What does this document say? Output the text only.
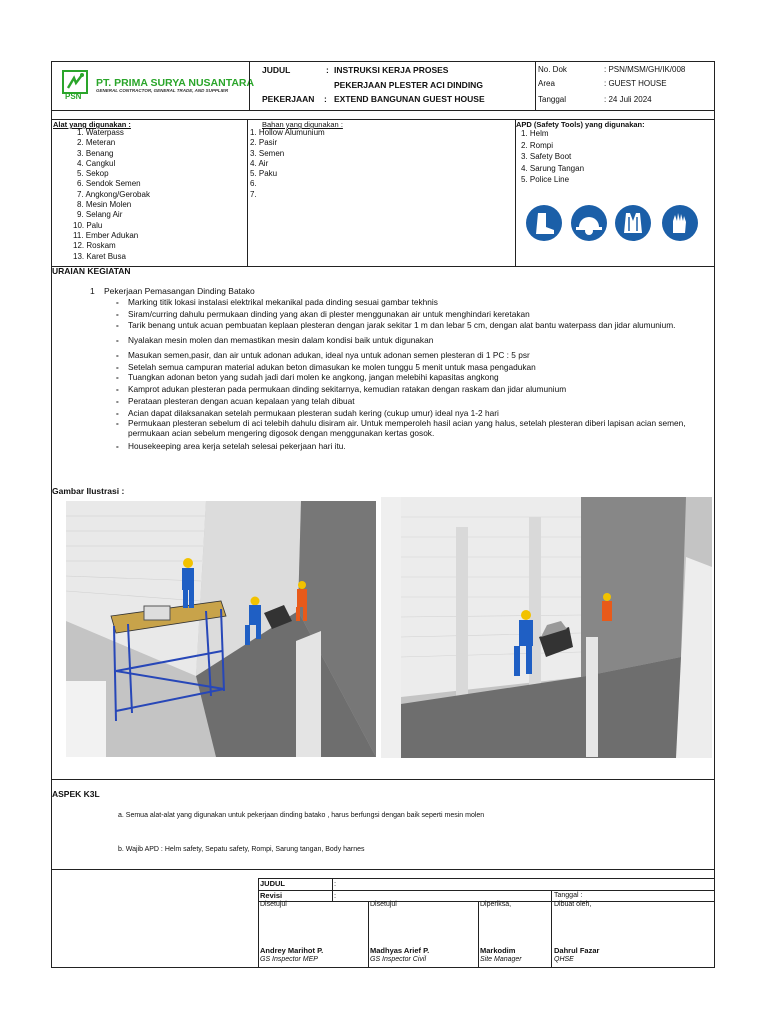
PSN
PT. PRIMA SURYA NUSANTARA
GENERAL CONTRACTOR, GENERAL TRADE, AND SUPPLIER
JUDUL	: INSTRUKSI KERJA PROSES
PEKERJAAN PLESTER ACI DINDING
PEKERJAAN : EXTEND BANGUNAN GUEST HOUSE
No. Dok	: PSN/MSM/GH/IK/008
Area	: GUEST HOUSE
Tanggal	: 24 Juli 2024
Alat yang digunakan :
1. Waterpass
2. Meteran
3. Benang
4. Cangkul
5. Sekop
6. Sendok Semen
7. Angkong/Gerobak
8. Mesin Molen
9. Selang Air
10. Palu
11. Ember Adukan
12. Roskam
13. Karet Busa
Bahan yang digunakan :
1. Hollow Alumunium
2. Pasir
3. Semen
4. Air
5. Paku
6.
7.
APD (Safety Tools) yang digunakan:
1. Helm
2. Rompi
3. Safety Boot
4. Sarung Tangan
5. Police Line
URAIAN KEGIATAN
1 Pekerjaan Pemasangan Dinding Batako
- Marking titik lokasi instalasi elektrikal mekanikal pada dinding sesuai gambar tekhnis
- Siram/curring dahulu permukaan dinding yang akan di plester menggunakan air untuk menghindari keretakan
- Tarik benang untuk acuan pembuatan keplaan plesteran dengan jarak sekitar 1 m dan lebar 5 cm, dengan alat bantu waterpass dan jidar alumunium.
- Nyalakan mesin molen dan memastikan mesin dalam kondisi baik untuk digunakan
- Masukan semen,pasir, dan air untuk adonan adukan, ideal nya untuk adonan semen plesteran di 1 PC : 5 psr
- Setelah semua campuran material adukan beton dimasukan ke molen tunggu 5 menit untuk masa pengadukan
- Tuangkan adonan beton yang sudah jadi dari molen ke angkong, jangan melebihi kapasitas angkong
- Kamprot adukan plesteran pada permukaan dinding sekitarnya, kemudian ratakan dengan raskam dan jidar alumunium
- Perataan plesteran dengan acuan kepalaan yang telah dibuat
- Acian dapat dilaksanakan setelah permukaan plesteran sudah kering (cukup umur) ideal nya 1-2 hari
- Permukaan plesteran sebelum di aci telebih dahulu disiram air. Untuk memperoleh hasil acian yang halus, setelah plesteran diberi lapisan acian semen, permukaan acian sebelum mengering digosok dengan menggunakan kertas gosok.
- Housekeeping area kerja setelah selesai pekerjaan hari itu.
Gambar Ilustrasi :
ASPEK K3L
a. Semua alat-alat yang digunakan untuk pekerjaan dinding batako , harus berfungsi dengan baik seperti mesin molen
b. Wajib APD : Helm safety, Sepatu safety, Rompi, Sarung tangan, Body harnes
JUDUL	:
Revisi	:	Tanggal :
Disetujui
Andrey Marihot P.
GS Inspector MEP
Disetujui
Madhyas Arief P.
GS Inspector Civil
Diperiksa,
Markodim
Site Manager
Dibuat oleh,
Dahrul Fazar
QHSE
